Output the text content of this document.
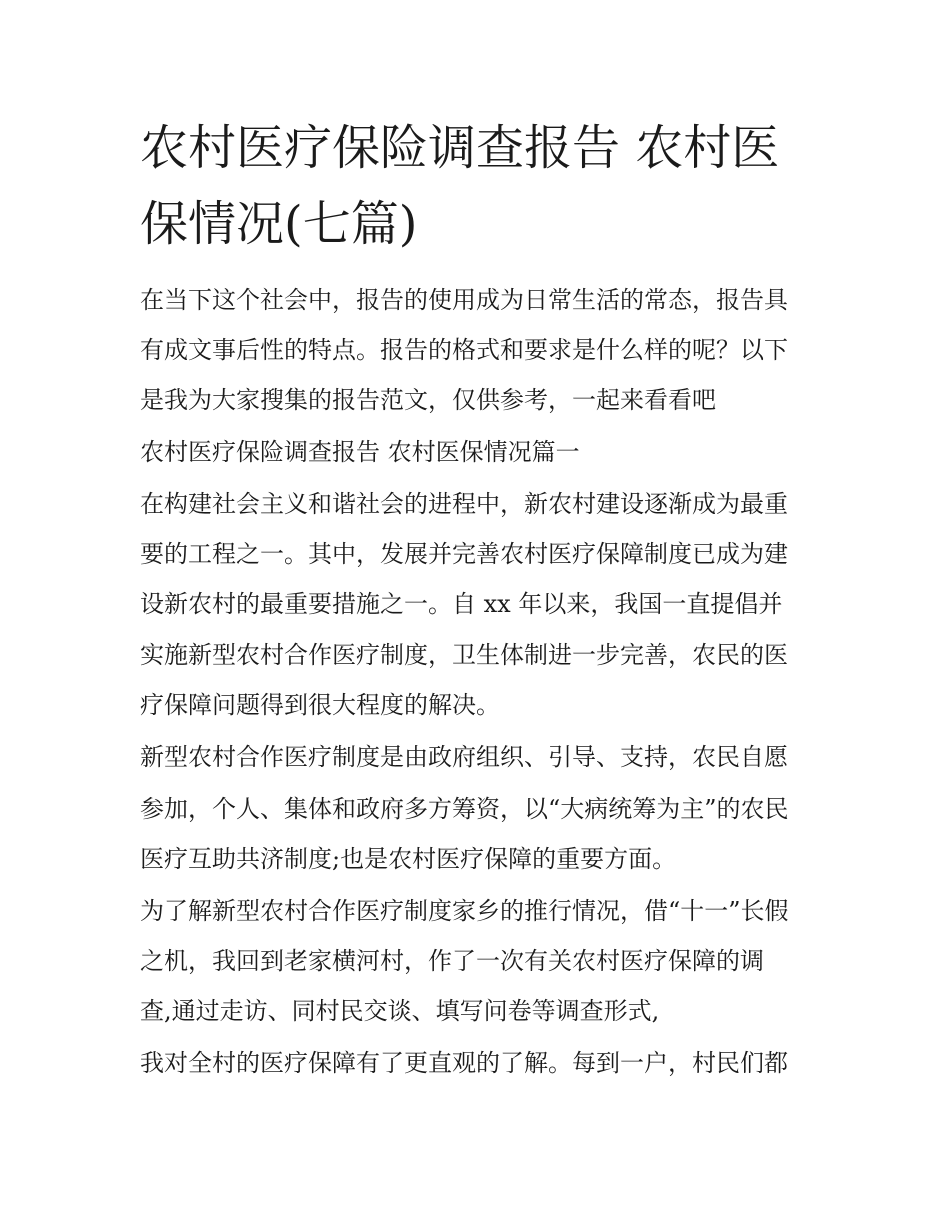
农村医疗保险调查报告 农村医
保情况(七篇)

在当下这个社会中，报告的使用成为日常生活的常态，报告具

有成文事后性的特点。报告的格式和要求是什么样的呢？以下

是我为大家搜集的报告范文，仅供参考，一起来看看吧

农村医疗保险调查报告 农村医保情况篇一

在构建社会主义和谐社会的进程中，新农村建设逐渐成为最重

要的工程之一。其中，发展并完善农村医疗保障制度已成为建

设新农村的最重要措施之一。自 xx 年以来，我国一直提倡并

实施新型农村合作医疗制度，卫生体制进一步完善，农民的医

疗保障问题得到很大程度的解决。

新型农村合作医疗制度是由政府组织、引导、支持，农民自愿

参加，个人、集体和政府多方筹资，以“大病统筹为主”的农民

医疗互助共济制度;也是农村医疗保障的重要方面。

为了解新型农村合作医疗制度家乡的推行情况，借“十一”长假

之机，我回到老家横河村，作了一次有关农村医疗保障的调

查,通过走访、同村民交谈、填写问卷等调查形式,

我对全村的医疗保障有了更直观的了解。每到一户，村民们都
